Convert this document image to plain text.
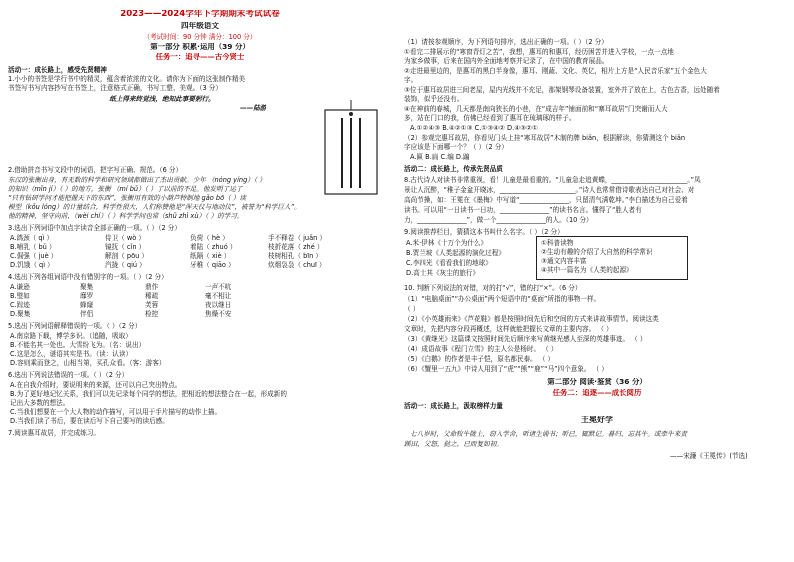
2023——2024学年下学期期末考试试卷
四年级语文
（考试时间：90 分钟 满分：100 分）
第一部分 积累·运用（39 分）
任务一：追寻——古今贤士
活动一：成长路上，感受先贤精神
1.小小的书签是学行书中的精灵，蕴含着浓浓的文化。请你为下面的这张制作精美
书签写书写内容抄写在书签上，注意格式正确，书写工整、美观。（3 分）
纸上得来终觉浅，绝知此事要躬行。
——陆游
2.借助拼音书写文段中的词语，把字写正确、规范。（6 分）
东汉的张衡出身，有无数的科学和研究领域都做出了杰出贡献。少年 （nóng yíng）（ ）
的知识（mǐn jí）（ ）的地方，张衡 （mí bǔ）（ ）了以前的不足。他发明了运了
“只有钻研学问才能把握天下的东西”，张衡用有效的小葫芦特制地 gǎo bō（ ）读
模型（kǒu lóng）的计量结合，科学性很大，人们称赞他是“浑天仪与地动仪”，被誉为“科学巨人”。
他的精神，坚守向前，（wèi chí）（ ）科学学问也常（shǔ zhì xù）（ ）的学习。
3.选出下列词语中加点字读音全部正确的一项。（ ）（2 分）
A.鸽颈（ qì ）	侍卫（ wò ）	负荷（ hè ）	手不释卷（ juǎn ）
B.哺乳（ bǔ ）	镜抚（ cǐn ）	着陆（ zhuó ）	枝折花落（ zhé ）
C.倔强（ juè ）	解剖（ pōu ）	纸隔（ xiè ）	枝树相孔（ bīn ）
D.饥饿（ qì ）	汽拢（ qiú ）	牙稚（ qiāo ）	炊烟袅袅（ chuī ）
4.选出下列各组词语中没有错别字的一项。（ ）（2 分）
A.谦逊	聚集	鼎作	一声不吭
B.璧如	靡罗	稀疏	毫不相让
C.踪迹	蜂窿	芙蓉	夜以继日
D.聚集	伴侣	检控	焦燥不安
5.选出下列词语解释错误的一项。（ ）（2 分）
A.南京路下载，博学多识。（追随，吸取）
B.不能名其一处也。大雪纷飞为。（名：说出）
C.这是怎么，谜语其实是书。（读：认读）
D.容则乘而登之，山相当第，买孔众看。（客：游客）
6.选出下列说法错误的一项。（ ）（2 分）
A.在自我介绍时，要说明来的来源，还可以自己突出特点。
B.为了更好地记忆关系，我们可以先记录每个同学的想法，把相近的想法整合在一起，形成新的
记出大多数的想法。
C.当我们想要在一个大人物的动作描写，可以用于手片描写的动作上描。
D.当我们读了书后，要在读后写下自己要写的读后感。
7.阅读惠耳故居，并完成练习。
（1）请按参观顺序，为下列语句排序，选出正确的一项。（ ）（2 分）
①看完二排展示的“寒窗青灯之苦”，我想，惠耳的和惠耳，经历困苦并进入学校，一点一点地
为家乡做事，后来在国内外全面地考察并记录了，在中国的教育展品。
②走进最里边的，是惠耳的黑白半身像，惠耳、刚蔬、文化、英亿，相片上方是“人民音乐家”五个金色大
字。
③位于惠耳故居进三间老屋，屋内光线并不充足，那架钢琴设备装置，室外并了放在上，古色古香，远处随着
装饰，似乎还没有。
④在神前的春城，几天都是南向狭长的小巷，在“成吉年”铺面前和“寨耳故居”门突谢而人大
多，站在门口的我，仿佛已经看到了惠耳在琉璃琢的样子。
A.①②④③ B.④②①③ C.①③④② D.④③②①
（2）参观完惠耳故居，你看见门头上挂“寒耳故居”木制的牌 biǎn，根据解读，你猜测这个 biǎn
字应该是下面哪一个？（ ）（2 分）
A.匾 B.扁 C.编 D.蹁
活动二：成长路上，传承先贤品质
8.古代诗人对读书非常重视，看！儿童是最看重的。“儿童急走追黄蝶，_______________________。”凤
景让人沉醉，“稚子金盆开晓冰，_______________________。”诗人也常常借诗歌表达自己对社会、对
高尚节操，如：王冕在《墨梅》中写道“_______________，只留清气满乾坤。”李白描述为自己爱着
读书。可以用“一日读书一日功，_______________”的读书名言。懂得了“胜人者有
力，_______________”，做一个_______________的人。（10 分）
9.阅读推荐栏目，猜猜这本书叫什么名字。（ ）（2 分）
A.米·伊林《十万个为什么》
B.贾兰坡《人类起源的演化过程》
C.李四光《看看我们的地球》
D.高士其《灰尘的旅行》
①科普读物
②生动有趣的介绍了大自然的科学常识
③通文内容丰富
④其中一篇名为《人类的起源》
10. 判断下列说法的对错，对的打“√”，错的打“×”。（6 分）
（1）“电脑桌面”“办公桌面”两个短语中的“桌面”所指的事物一样。
（ ）
（2）《小英雄雨来》《芦花鞋》都是按照时间先后和空间的方式来讲故事情节。阅读这类
文章时，先把内容分段再概述，这样就能把握长文章的主要内容。 （ ）
（3）《黄继光》这篇课文按照时间先后顺序来写黄继光感人至深的英雄事迹。 （ ）
（4）成语故事《程门立雪》的主人公是杨时。 （ ）
（5）《白鹅》的作者是丰子恺，原名都民泰。 （ ）
（6）《蟹里一五九》中诗人用到了“虎”“熊”“鹿”“马”四个意象。 （ ）
第二部分 阅读·鉴赏（36 分）
任务二：追逐——成长阅历
活动一：成长路上，汲取榜样力量
王冕好学
七八岁时，父命牧牛陇上，窃入学舍，听诸生诵书；听已，辄默记。暮归，忘其牛。或牵牛来责
蹊田，父怒，挞之，已而复如初。
——宋濂《王冕传》(节选)
